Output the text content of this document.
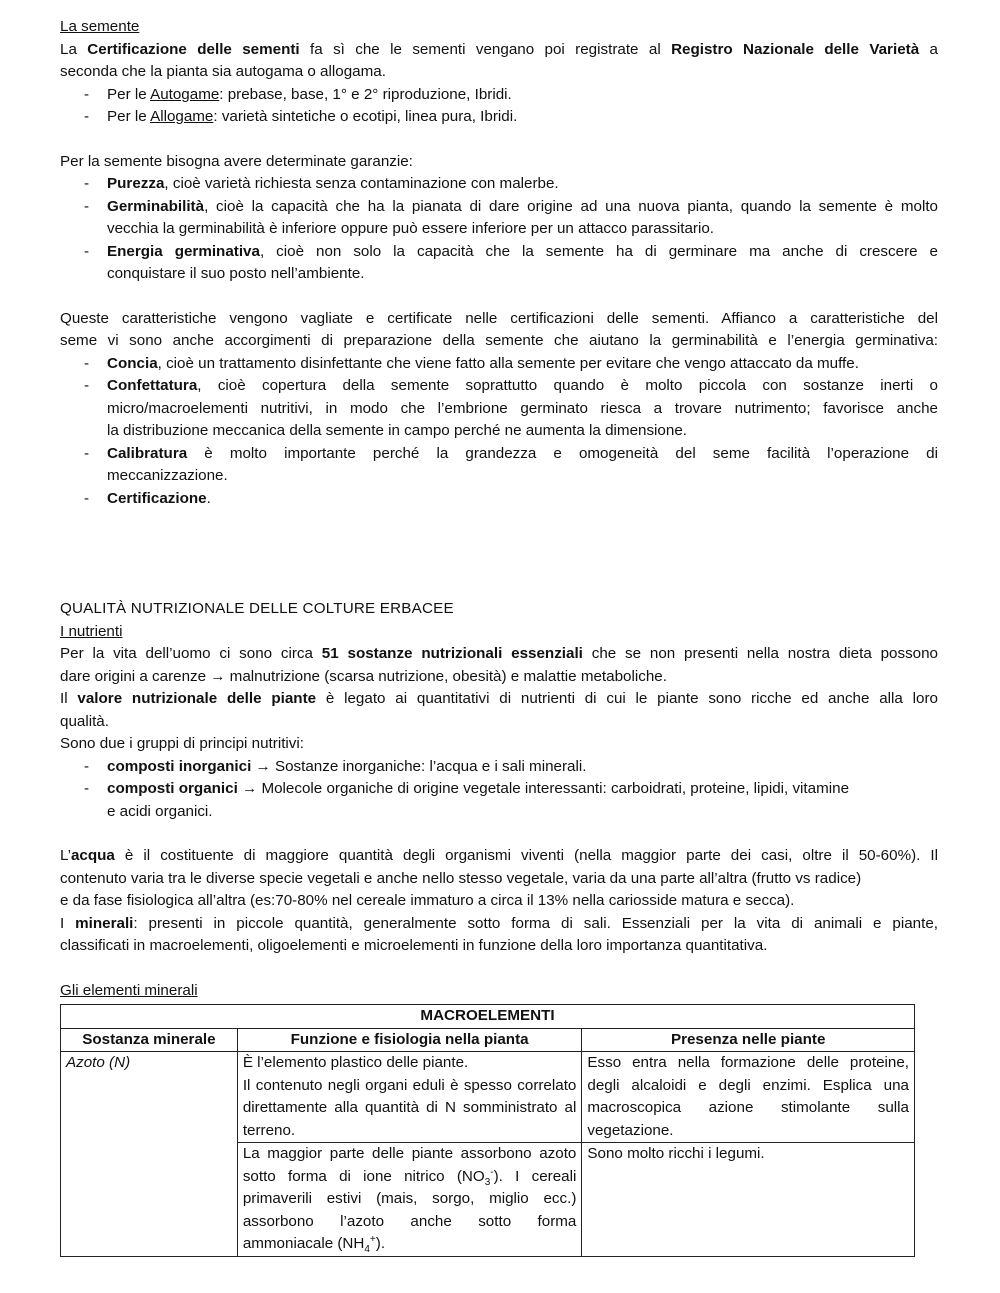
La semente

La Certificazione delle sementi fa sì che le sementi vengano poi registrate al Registro Nazionale delle Varietà a

seconda che la pianta sia autogama o allogama.

- Per le Autogame: prebase, base, 1° e 2° riproduzione, Ibridi.

- Per le Allogame: varietà sintetiche o ecotipi, linea pura, Ibridi.

Per la semente bisogna avere determinate garanzie:

- Purezza, cioè varietà richiesta senza contaminazione con malerbe.

- Germinabilità, cioè la capacità che ha la pianata di dare origine ad una nuova pianta, quando la semente è molto

vecchia la germinabilità è inferiore oppure può essere inferiore per un attacco parassitario.

- Energia germinativa, cioè non solo la capacità che la semente ha di germinare ma anche di crescere e

conquistare il suo posto nell’ambiente.

Queste caratteristiche vengono vagliate e certificate nelle certificazioni delle sementi. Affianco a caratteristiche del

seme vi sono anche accorgimenti di preparazione della semente che aiutano la germinabilità e l’energia germinativa:

- Concia, cioè un trattamento disinfettante che viene fatto alla semente per evitare che vengo attaccato da muffe.

- Confettatura, cioè copertura della semente soprattutto quando è molto piccola con sostanze inerti o

micro/macroelementi nutritivi, in modo che l’embrione germinato riesca a trovare nutrimento; favorisce anche

la distribuzione meccanica della semente in campo perché ne aumenta la dimensione.

- Calibratura è molto importante perché la grandezza e omogeneità del seme facilità l’operazione di

meccanizzazione.

- Certificazione.

QUALITÀ NUTRIZIONALE DELLE COLTURE ERBACEE

I nutrienti

Per la vita dell’uomo ci sono circa 51 sostanze nutrizionali essenziali che se non presenti nella nostra dieta possono

dare origini a carenze → malnutrizione (scarsa nutrizione, obesità) e malattie metaboliche.

Il valore nutrizionale delle piante è legato ai quantitativi di nutrienti di cui le piante sono ricche ed anche alla loro

qualità.

Sono due i gruppi di principi nutritivi:

- composti inorganici → Sostanze inorganiche: l’acqua e i sali minerali.

- composti organici → Molecole organiche di origine vegetale interessanti: carboidrati, proteine, lipidi, vitamine

e acidi organici.

L’acqua è il costituente di maggiore quantità degli organismi viventi (nella maggior parte dei casi, oltre il 50-60%). Il

contenuto varia tra le diverse specie vegetali e anche nello stesso vegetale, varia da una parte all’altra (frutto vs radice)

e da fase fisiologica all’altra (es:70-80% nel cereale immaturo a circa il 13% nella cariosside matura e secca).

I minerali: presenti in piccole quantità, generalmente sotto forma di sali. Essenziali per la vita di animali e piante,

classificati in macroelementi, oligoelementi e microelementi in funzione della loro importanza quantitativa.

Gli elementi minerali

MACROELEMENTI		
Sostanza minerale	Funzione e fisiologia nella pianta	Presenza nelle piante
Azoto (N)	È l’elemento plastico delle piante.
Il contenuto negli organi eduli è spesso correlato direttamente alla quantità di N somministrato al terreno.	Esso entra nella formazione delle proteine, degli alcaloidi e degli enzimi. Esplica una macroscopica azione stimolante sulla vegetazione.
	La maggior parte delle piante assorbono azoto sotto forma di ione nitrico $(NO_3^-)$. I cereali primaverili estivi (mais, sorgo, miglio ecc.) assorbono l’azoto anche sotto forma ammoniacale $(NH_4^+)$.	Sono molto ricchi i legumi.
